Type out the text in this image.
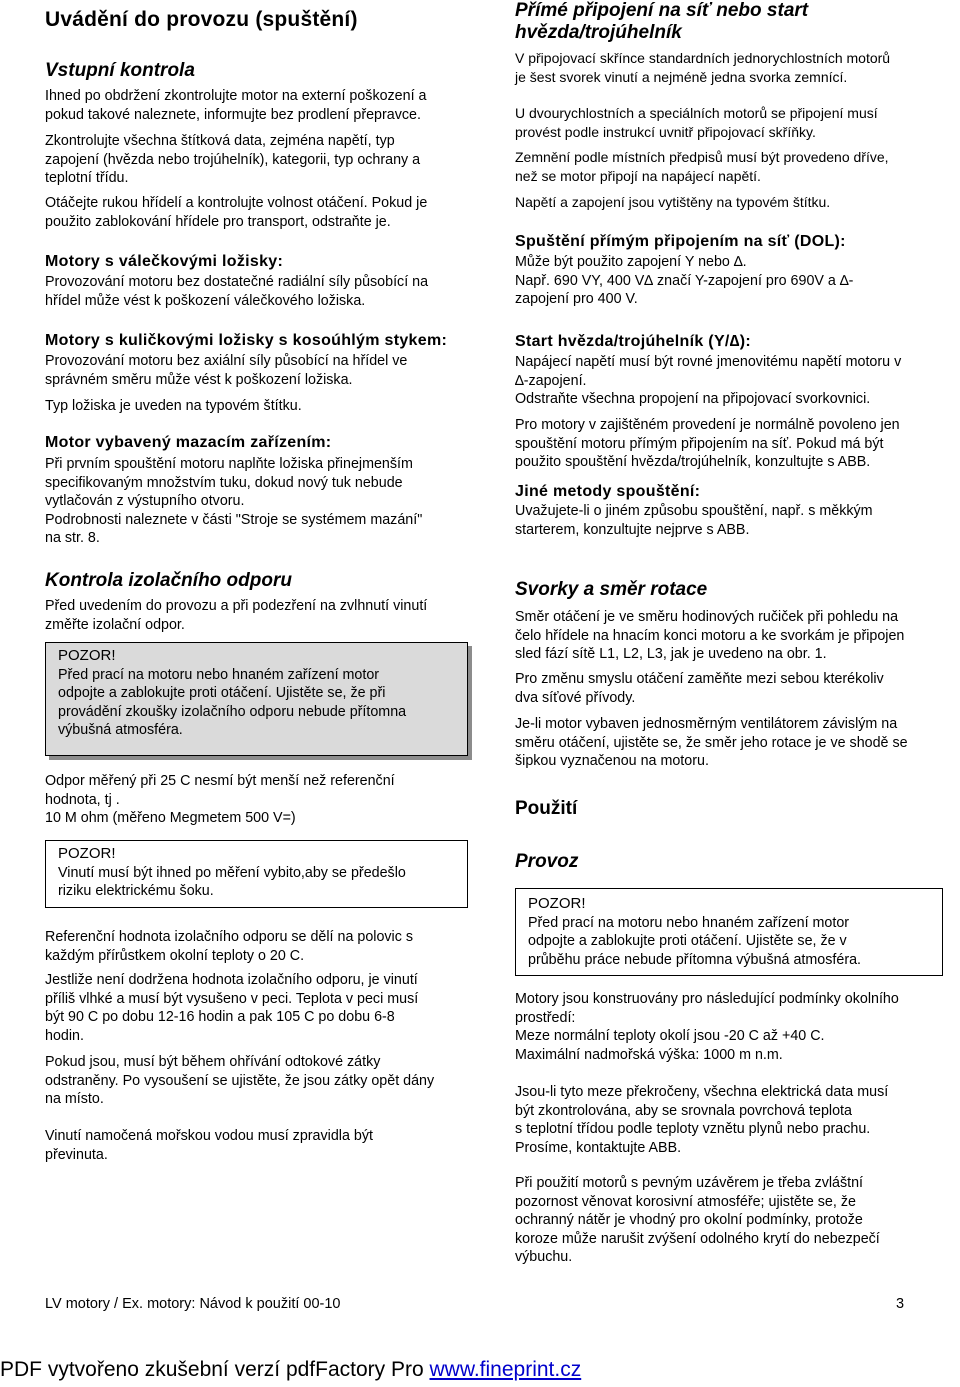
Uvádění do provozu (spuštění)
Vstupní kontrola
Ihned po obdržení zkontrolujte motor na externí poškození a
pokud takové naleznete, informujte bez prodlení přepravce.
Zkontrolujte všechna štítková data, zejména napětí, typ
zapojení (hvězda nebo trojúhelník), kategorii, typ ochrany a
teplotní třídu.
Otáčejte rukou hřídelí a kontrolujte volnost otáčení. Pokud je
použito zablokování hřídele pro transport, odstraňte je.
Motory s válečkovými ložisky:
Provozování motoru bez dostatečné radiální síly působící na
hřídel může vést k poškození válečkového ložiska.
Motory s kuličkovými ložisky s kosoúhlým stykem:
Provozování motoru bez axiální síly působící na hřídel ve
správném směru může vést k poškození ložiska.
Typ ložiska je uveden na typovém štítku.
Motor vybavený mazacím zařízením:
Při prvním spouštění motoru naplňte ložiska přinejmenším
specifikovaným množstvím tuku, dokud nový tuk nebude
vytlačován z výstupního otvoru.
Podrobnosti naleznete v části "Stroje se systémem mazání"
na str. 8.
Kontrola izolačního odporu
Před uvedením do provozu a při podezření na zvlhnutí vinutí
změřte izolační odpor.
POZOR!
Před prací na motoru nebo hnaném zařízení motor
odpojte a zablokujte proti otáčení. Ujistěte se, že při
provádění zkoušky izolačního odporu nebude přítomna
výbušná atmosféra.
Odpor měřený při 25 C nesmí být menší než referenční
hodnota, tj .
10 M ohm (měřeno Megmetem 500 V=)
POZOR!
Vinutí musí být ihned po měření vybito,aby se předešlo
riziku elektrickému šoku.
Referenční hodnota izolačního odporu se dělí na polovic s
každým přírůstkem okolní teploty o 20 C.
Jestliže není dodržena hodnota izolačního odporu, je vinutí
příliš vlhké a musí být vysušeno v peci. Teplota v peci musí
být 90 C po dobu 12-16 hodin a pak 105 C po dobu 6-8
hodin.
Pokud jsou, musí být během ohřívání odtokové zátky
odstraněny. Po vysoušení se ujistěte, že jsou zátky opět dány
na místo.
Vinutí namočená mořskou vodou musí zpravidla být
převinuta.
Přímé připojení na síť nebo start
hvězda/trojúhelník
V připojovací skřínce standardních jednorychlostních motorů
je šest svorek vinutí a nejméně jedna svorka zemnící.
U dvourychlostních a speciálních motorů se připojení musí
provést podle instrukcí uvnitř připojovací skříňky.
Zemnění podle místních předpisů musí být provedeno dříve,
než se motor připojí na napájecí napětí.
Napětí a zapojení jsou vytištěny na typovém štítku.
Spuštění přímým připojením na síť (DOL):
Může být použito zapojení Y nebo ∆.
Např. 690 VY, 400 V∆ značí Y-zapojení pro 690V a ∆-
zapojení pro 400 V.
Start hvězda/trojúhelník (Y/∆):
Napájecí napětí musí být rovné jmenovitému napětí motoru v
∆-zapojení.
Odstraňte všechna propojení na připojovací svorkovnici.
Pro motory v zajištěném provedení je normálně povoleno jen
spouštění motoru přímým připojením na síť. Pokud má být
použito spouštění hvězda/trojúhelník, konzultujte s ABB.
Jiné metody spouštění:
Uvažujete-li o jiném způsobu spouštění, např. s měkkým
starterem, konzultujte nejprve s ABB.
Svorky a směr rotace
Směr otáčení je ve směru hodinových ručiček při pohledu na
čelo hřídele na hnacím konci motoru a ke svorkám je připojen
sled fází sítě L1, L2, L3, jak je uvedeno na obr. 1.
Pro změnu smyslu otáčení zaměňte mezi sebou kterékoliv
dva síťové přívody.
Je-li motor vybaven jednosměrným ventilátorem závislým na
směru otáčení, ujistěte se, že směr jeho rotace je ve shodě se
šipkou vyznačenou na motoru.
Použití
Provoz
POZOR!
Před prací na motoru nebo hnaném zařízení motor
odpojte a zablokujte proti otáčení. Ujistěte se, že v
průběhu práce nebude přítomna výbušná atmosféra.
Motory jsou konstruovány pro následující podmínky okolního
prostředí:
Meze normální teploty okolí jsou -20 C až +40 C.
Maximální nadmořská výška: 1000 m n.m.
Jsou-li tyto meze překročeny, všechna elektrická data musí
být zkontrolována, aby se srovnala povrchová teplota
s teplotní třídou podle teploty vznětu plynů nebo prachu.
Prosíme, kontaktujte ABB.
Při použití motorů s pevným uzávěrem je třeba zvláštní
pozornost věnovat korosivní atmosféře; ujistěte se, že
ochranný nátěr je vhodný pro okolní podmínky, protože
koroze může narušit zvýšení odolného krytí do nebezpečí
výbuchu.
LV motory / Ex. motory: Návod k použití 00-10	3
PDF vytvořeno zkušební verzí pdfFactory Pro www.fineprint.cz
